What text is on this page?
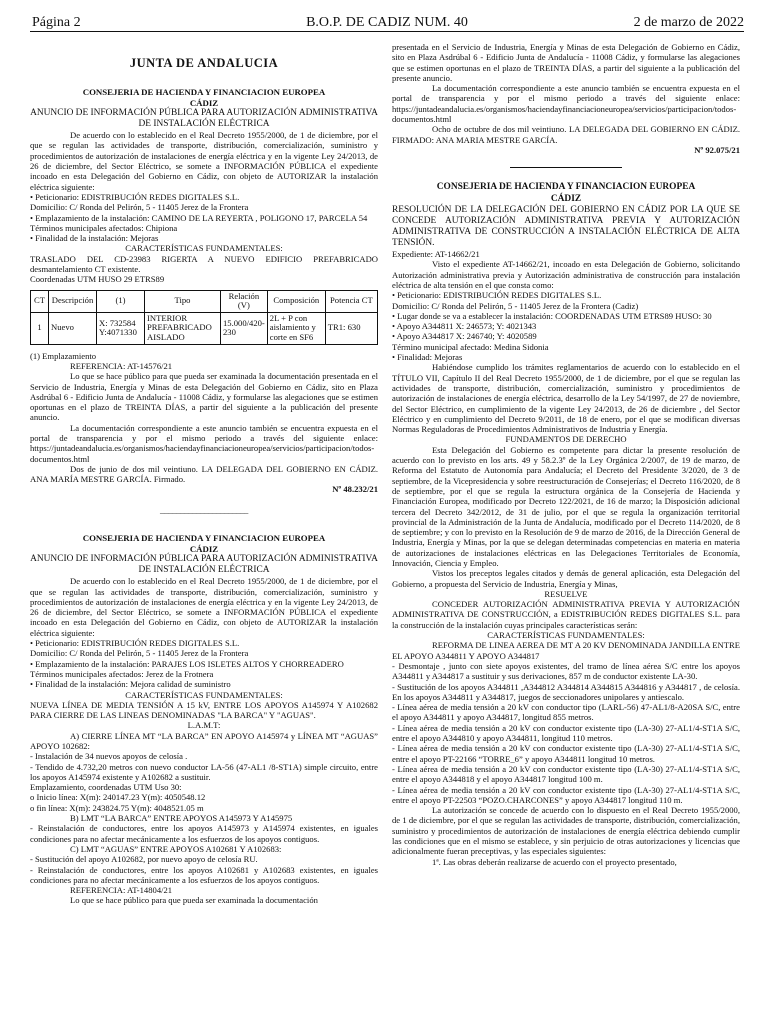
Página 2	B.O.P. DE CADIZ NUM. 40	2 de marzo de 2022
JUNTA DE ANDALUCIA
CONSEJERIA DE HACIENDA Y FINANCIACION EUROPEA
CÁDIZ

ANUNCIO DE INFORMACIÓN PÚBLICA PARA AUTORIZACIÓN ADMINISTRATIVA DE INSTALACIÓN ELÉCTRICA

De acuerdo con lo establecido en el Real Decreto 1955/2000, de 1 de diciembre, por el que se regulan las actividades de transporte, distribución, comercialización, suministro y procedimientos de autorización de instalaciones de energía eléctrica y en la vigente Ley 24/2013, de 26 de diciembre, del Sector Eléctrico, se somete a INFORMACIÓN PÚBLICA el expediente incoado en esta Delegación del Gobierno en Cádiz, con objeto de AUTORIZAR la instalación eléctrica siguiente:

• Peticionario: EDISTRIBUCIÓN REDES DIGITALES S.L.

Domicilio: C/ Ronda del Pelirón, 5 - 11405 Jerez de la Frontera

• Emplazamiento de la instalación: CAMINO DE LA REYERTA , POLIGONO 17, PARCELA 54

Términos municipales afectados: Chipiona

• Finalidad de la instalación: Mejoras

CARACTERÍSTICAS FUNDAMENTALES:

TRASLADO DEL CD-23983 RIGERTA A NUEVO EDIFICIO PREFABRICADO desmantelamiento CT existente.

Coordenadas UTM HUSO 29 ETRS89

CT	Descripción	(1)	Tipo	Relación (V)	Composición	Potencia CT
1	Nuevo	X: 732584 Y:4071330	INTERIOR PREFABRICADO AISLADO	15.000/420-230	2L + P con aislamiento y corte en SF6	TR1: 630

(1) Emplazamiento

REFERENCIA: AT-14576/21

Lo que se hace público para que pueda ser examinada la documentación presentada en el Servicio de Industria, Energía y Minas de esta Delegación del Gobierno en Cádiz, sito en Plaza Asdrúbal 6 - Edificio Junta de Andalucía - 11008 Cádiz, y formularse las alegaciones que se estimen oportunas en el plazo de TREINTA DÍAS, a partir del siguiente a la publicación del presente anuncio.

La documentación correspondiente a este anuncio también se encuentra expuesta en el portal de transparencia y por el mismo periodo a través del siguiente enlace: https://juntadeandalucia.es/organismos/haciendayfinanciacioneuropea/servicios/participacion/todos-documentos.html

Dos de junio de dos mil veintiuno. LA DELEGADA DEL GOBIERNO EN CÁDIZ. ANA MARÍA MESTRE GARCÍA. Firmado.

Nº 48.232/21

______________________
CONSEJERIA DE HACIENDA Y FINANCIACION EUROPEA
CÁDIZ

ANUNCIO DE INFORMACIÓN PÚBLICA PARA AUTORIZACIÓN ADMINISTRATIVA DE INSTALACIÓN ELÉCTRICA

De acuerdo con lo establecido en el Real Decreto 1955/2000, de 1 de diciembre, por el que se regulan las actividades de transporte, distribución, comercialización, suministro y procedimientos de autorización de instalaciones de energía eléctrica y en la vigente Ley 24/2013, de 26 de diciembre, del Sector Eléctrico, se somete a INFORMACIÓN PÚBLICA el expediente incoado en esta Delegación del Gobierno en Cádiz, con objeto de AUTORIZAR la instalación eléctrica siguiente:

• Peticionario: EDISTRIBUCIÓN REDES DIGITALES S.L.

Domicilio: C/ Ronda del Pelirón, 5 - 11405 Jerez de la Frontera

• Emplazamiento de la instalación: PARAJES LOS ISLETES ALTOS Y CHORREADERO

Términos municipales afectados: Jerez de la Frotnera

• Finalidad de la instalación: Mejora calidad de suministro

CARACTERÍSTICAS FUNDAMENTALES:

NUEVA LÍNEA DE MEDIA TENSIÓN A 15 kV, ENTRE LOS APOYOS A145974 Y A102682 PARA CIERRE DE LAS LINEAS DENOMINADAS "LA BARCA" Y "AGUAS".

L.A.M.T:

A) CIERRE LÍNEA MT “LA BARCA” EN APOYO A145974 y LÍNEA MT “AGUAS” APOYO 102682:

- Instalación de 34 nuevos apoyos de celosía .

- Tendido de 4.732,20 metros con nuevo conductor LA-56 (47-AL1 /8-ST1A) simple circuito, entre los apoyos A145974 existente y A102682 a sustituir.

Emplazamiento, coordenadas UTM Uso 30:

o Inicio línea: X(m): 240147.23 Y(m): 4050548.12

o fin línea: X(m): 243824.75 Y(m): 4048521.05 m

B) LMT “LA BARCA” ENTRE APOYOS A145973 Y A145975

- Reinstalación de conductores, entre los apoyos A145973 y A145974 existentes, en iguales condiciones para no afectar mecánicamente a los esfuerzos de los apoyos contiguos.

C) LMT “AGUAS” ENTRE APOYOS A102681 Y A102683:

- Sustitución del apoyo A102682, por nuevo apoyo de celosía RU.

- Reinstalación de conductores, entre los apoyos A102681 y A102683 existentes, en iguales condiciones para no afectar mecánicamente a los esfuerzos de los apoyos contiguos.

REFERENCIA: AT-14804/21

Lo que se hace público para que pueda ser examinada la documentación

presentada en el Servicio de Industria, Energía y Minas de esta Delegación de Gobierno en Cádiz, sito en Plaza Asdrúbal 6 - Edificio Junta de Andalucía - 11008 Cádiz, y formularse las alegaciones que se estimen oportunas en el plazo de TREINTA DÍAS, a partir del siguiente a la publicación del presente anuncio.

La documentación correspondiente a este anuncio también se encuentra expuesta en el portal de transparencia y por el mismo periodo a través del siguiente enlace: https://juntadeandalucia.es/organismos/haciendayfinanciacioneuropea/servicios/participacion/todos-documentos.html

Ocho de octubre de dos mil veintiuno. LA DELEGADA DEL GOBIERNO EN CÁDIZ. FIRMADO: ANA MARIA MESTRE GARCÍA.

Nº 92.075/21

CONSEJERIA DE HACIENDA Y FINANCIACION EUROPEA
CÁDIZ

RESOLUCIÓN DE LA DELEGACIÓN DEL GOBIERNO EN CÁDIZ POR LA QUE SE CONCEDE AUTORIZACIÓN ADMINISTRATIVA PREVIA Y AUTORIZACIÓN ADMINISTRATIVA DE CONSTRUCCIÓN A INSTALACIÓN ELÉCTRICA DE ALTA TENSIÓN.

Expediente: AT-14662/21

Visto el expediente AT-14662/21, incoado en esta Delegación de Gobierno, solicitando Autorización administrativa previa y Autorización administrativa de construcción para instalación eléctrica de alta tensión en el que consta como:

• Peticionario: EDISTRIBUCIÓN REDES DIGITALES S.L.

Domicilio: C/ Ronda del Pelirón, 5 - 11405 Jerez de la Frontera (Cadiz)

• Lugar donde se va a establecer la instalación: COORDENADAS UTM ETRS89 HUSO: 30

• Apoyo A344811 X: 246573; Y: 4021343

• Apoyo A344817 X: 246740; Y: 4020589

Término municipal afectado: Medina Sidonia

• Finalidad: Mejoras

Habiéndose cumplido los trámites reglamentarios de acuerdo con lo establecido en el TÍTULO VII, Capítulo II del Real Decreto 1955/2000, de 1 de diciembre, por el que se regulan las actividades de transporte, distribución, comercialización, suministro y procedimientos de autorización de instalaciones de energía eléctrica, desarrollo de la Ley 54/1997, de 27 de noviembre, del Sector Eléctrico, en cumplimiento de la vigente Ley 24/2013, de 26 de diciembre , del Sector Eléctrico y en cumplimiento del Decreto 9/2011, de 18 de enero, por el que se modifican diversas Normas Reguladoras de Procedimientos Administrativos de Industria y Energía.

FUNDAMENTOS DE DERECHO

Esta Delegación del Gobierno es competente para dictar la presente resolución de acuerdo con lo previsto en los arts. 49 y 58.2.3º de la Ley Orgánica 2/2007, de 19 de marzo, de Reforma del Estatuto de Autonomía para Andalucía; el Decreto del Presidente 3/2020, de 3 de septiembre, de la Vicepresidencia y sobre reestructuración de Consejerías; el Decreto 116/2020, de 8 de septiembre, por el que se regula la estructura orgánica de la Consejería de Hacienda y Financiación Europea, modificado por Decreto 122/2021, de 16 de marzo; la Disposición adicional tercera del Decreto 342/2012, de 31 de julio, por el que se regula la organización territorial provincial de la Administración de la Junta de Andalucía, modificado por el Decreto 114/2020, de 8 de septiembre; y con lo previsto en la Resolución de 9 de marzo de 2016, de la Dirección General de Industria, Energía y Minas, por la que se delegan determinadas competencias en materia en materia de autorizaciones de instalaciones eléctricas en las Delegaciones Territoriales de Economía, Innovación, Ciencia y Empleo.

Vistos los preceptos legales citados y demás de general aplicación, esta Delegación del Gobierno, a propuesta del Servicio de Industria, Energía y Minas,

RESUELVE

CONCEDER AUTORIZACIÓN ADMINISTRATIVA PREVIA Y AUTORIZACIÓN ADMINISTRATIVA DE CONSTRUCCIÓN, a EDISTRIBUCIÓN REDES DIGITALES S.L. para la construcción de la instalación cuyas principales características serán:

CARACTERÍSTICAS FUNDAMENTALES:

REFORMA DE LINEA AEREA DE MT A 20 KV DENOMINADA JANDILLA ENTRE EL APOYO A344811 Y APOYO A344817

- Desmontaje , junto con siete apoyos existentes, del tramo de línea aérea S/C entre los apoyos A344811 y A344817 a sustituir y sus derivaciones, 857 m de conductor existente LA-30.

- Sustitución de los apoyos A344811 ,A344812 A344814 A344815 A344816 y A344817 , de celosía. En los apoyos A344811 y A344817, juegos de seccionadores unipolares y antiescalo.

- Línea aérea de media tensión a 20 kV con conductor tipo (LARL-56) 47-AL1/8-A20SA S/C, entre el apoyo A344811 y apoyo A344817, longitud 855 metros.

- Línea aérea de media tensión a 20 kV con conductor existente tipo (LA-30) 27-AL1/4-ST1A S/C, entre el apoyo A344810 y apoyo A344811, longitud 110 metros.

- Línea aérea de media tensión a 20 kV con conductor existente tipo (LA-30) 27-AL1/4-ST1A S/C, entre el apoyo PT-22166 “TORRE_6” y apoyo A344811 longitud 10 metros.

- Línea aérea de media tensión a 20 kV con conductor existente tipo (LA-30) 27-AL1/4-ST1A S/C, entre el apoyo A344818 y el apoyo A344817 longitud 100 m.

- Línea aérea de media tensión a 20 kV con conductor existente tipo (LA-30) 27-AL1/4-ST1A S/C, entre el apoyo PT-22503 “POZO.CHARCONES” y apoyo A344817 longitud 110 m.

La autorización se concede de acuerdo con lo dispuesto en el Real Decreto 1955/2000, de 1 de diciembre, por el que se regulan las actividades de transporte, distribución, comercialización, suministro y procedimientos de autorización de instalaciones de energía eléctrica debiendo cumplir las condiciones que en el mismo se establece, y sin perjuicio de otras autorizaciones y licencias que adicionalmente fueran preceptivas, y las especiales siguientes:

1ª. Las obras deberán realizarse de acuerdo con el proyecto presentado,
